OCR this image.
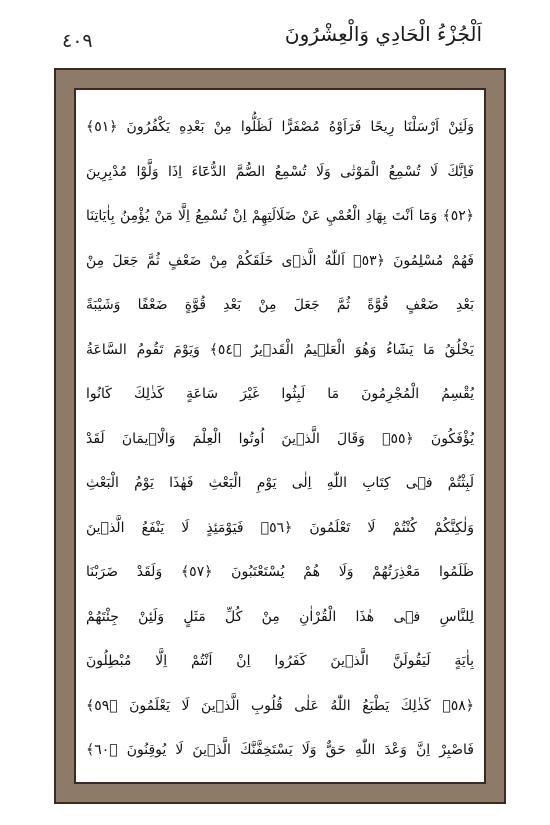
٤٠٩	اَلْجُزْءُ الْحَادِي وَالْعِشْرُونَ
وَلَئِنْ اَرْسَلْنَا رِيحًا فَرَاَوْهُ مُصْفَرًّا لَظَلُّوا مِنْ بَعْدِهِ يَكْفُرُونَ ﴿٥١﴾
فَاِنَّكَ لَا تُسْمِعُ الْمَوْتٰى وَلَا تُسْمِعُ الصُّمَّ الدُّعَٓاءَ اِذَا وَلَّوْا مُدْبِرِينَ
﴿٥٢﴾ وَمَٓا اَنْتَ بِهَادِ الْعُمْيِ عَنْ ضَلَالَتِهِمْ اِنْ تُسْمِعُ اِلَّا مَنْ يُؤْمِنُ بِاٰيَاتِنَا
فَهُمْ مُسْلِمُونَ ﴿٥٣﴾ اَللّٰهُ الَّذٖى خَلَقَكُمْ مِنْ ضَعْفٍ ثُمَّ جَعَلَ مِنْ
بَعْدِ ضَعْفٍ قُوَّةً ثُمَّ جَعَلَ مِنْ بَعْدِ قُوَّةٍ ضَعْفًا وَشَيْبَةً
يَخْلُقُ مَا يَشَٓاءُ وَهُوَ الْعَلٖيمُ الْقَدٖيرُ ﴿٥٤﴾ وَيَوْمَ تَقُومُ السَّاعَةُ
يُقْسِمُ الْمُجْرِمُونَ مَا لَبِثُوا غَيْرَ سَاعَةٍ كَذٰلِكَ كَانُوا
يُؤْفَكُونَ ﴿٥٥﴾ وَقَالَ الَّذٖينَ اُوتُوا الْعِلْمَ وَالْاٖيمَانَ لَقَدْ
لَبِثْتُمْ فٖى كِتَابِ اللّٰهِ اِلٰى يَوْمِ الْبَعْثِ فَهٰذَا يَوْمُ الْبَعْثِ
وَلٰكِنَّكُمْ كُنْتُمْ لَا تَعْلَمُونَ ﴿٥٦﴾ فَيَوْمَئِذٍ لَا يَنْفَعُ الَّذٖينَ
ظَلَمُوا مَعْذِرَتُهُمْ وَلَا هُمْ يُسْتَعْتَبُونَ ﴿٥٧﴾ وَلَقَدْ ضَرَبْنَا
لِلنَّاسِ فٖى هٰذَا الْقُرْاٰنِ مِنْ كُلِّ مَثَلٍ وَلَئِنْ جِئْتَهُمْ
بِاٰيَةٍ لَيَقُولَنَّ الَّذٖينَ كَفَرُوا اِنْ اَنْتُمْ اِلَّا مُبْطِلُونَ
﴿٥٨﴾ كَذٰلِكَ يَطْبَعُ اللّٰهُ عَلٰى قُلُوبِ الَّذٖينَ لَا يَعْلَمُونَ ﴿٥٩﴾
فَاصْبِرْ اِنَّ وَعْدَ اللّٰهِ حَقٌّ وَلَا يَسْتَخِفَّنَّكَ الَّذٖينَ لَا يُوقِنُونَ ﴿٦٠﴾
